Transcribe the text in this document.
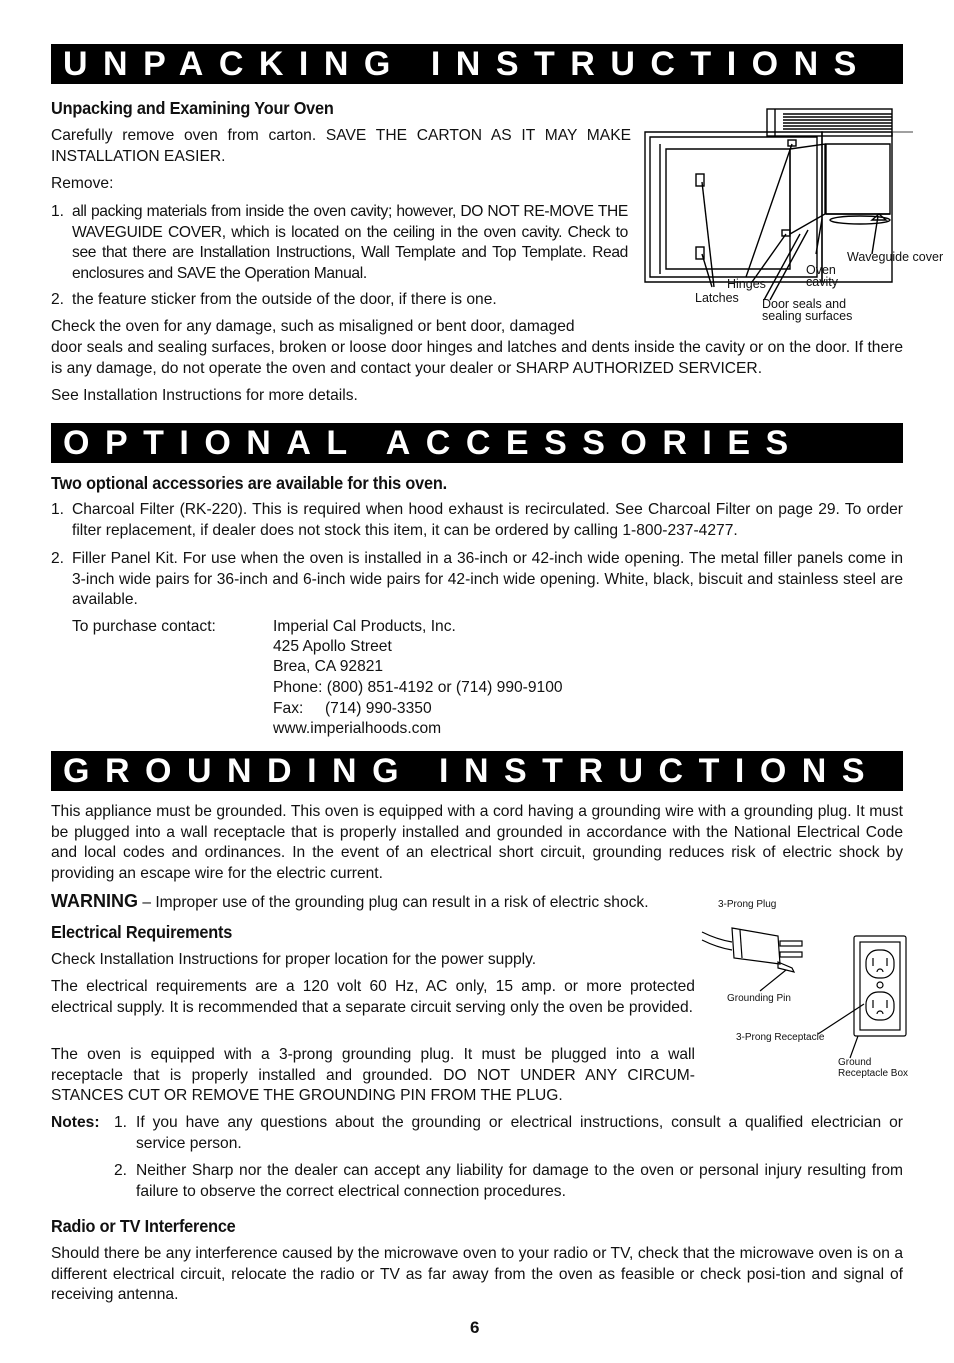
UNPACKING INSTRUCTIONS
Unpacking and Examining Your Oven
Carefully remove oven from carton. SAVE THE CARTON AS IT MAY MAKE INSTALLATION EASIER.
Remove:
1. all packing materials from inside the oven cavity; however, DO NOT RE-MOVE THE WAVEGUIDE COVER, which is located on the ceiling in the oven cavity. Check to see that there are Installation Instructions, Wall Template and Top Template. Read enclosures and SAVE the Operation Manual.
2. the feature sticker from the outside of the door, if there is one.
Check the oven for any damage, such as misaligned or bent door, damaged
door seals and sealing surfaces, broken or loose door hinges and latches and dents inside the cavity or on the door. If there is any damage, do not operate the oven and contact your dealer or SHARP AUTHORIZED SERVICER.
See Installation Instructions for more details.
Waveguide cover
Oven cavity
Hinges
Latches Door seals and sealing surfaces
OPTIONAL ACCESSORIES
Two optional accessories are available for this oven.
1. Charcoal Filter (RK-220). This is required when hood exhaust is recirculated. See Charcoal Filter on page 29. To order filter replacement, if dealer does not stock this item, it can be ordered by calling 1-800-237-4277.
2. Filler Panel Kit. For use when the oven is installed in a 36-inch or 42-inch wide opening. The metal filler panels come in 3-inch wide pairs for 36-inch and 6-inch wide pairs for 42-inch wide opening. White, black, biscuit and stainless steel are available.
To purchase contact:	Imperial Cal Products, Inc.
425 Apollo Street
Brea, CA 92821
Phone: (800) 851-4192 or (714) 990-9100
Fax:     (714) 990-3350
www.imperialhoods.com
GROUNDING INSTRUCTIONS
This appliance must be grounded. This oven is equipped with a cord having a grounding wire with a grounding plug. It must be plugged into a wall receptacle that is properly installed and grounded in accordance with the National Electrical Code and local codes and ordinances. In the event of an electrical short circuit, grounding reduces risk of electric shock by providing an escape wire for the electric current.
WARNING – Improper use of the grounding plug can result in a risk of electric shock.
Electrical Requirements
Check Installation Instructions for proper location for the power supply.
The electrical requirements are a 120 volt 60 Hz, AC only, 15 amp. or more protected electrical supply. It is recommended that a separate circuit serving only the oven be provided.
The oven is equipped with a 3-prong grounding plug. It must be plugged into a wall receptacle that is properly installed and grounded. DO NOT UNDER ANY CIRCUM-STANCES CUT OR REMOVE THE GROUNDING PIN FROM THE PLUG.
3-Prong Plug
Grounding Pin
3-Prong Receptacle
Ground Receptacle Box
Notes: 1. If you have any questions about the grounding or electrical instructions, consult a qualified electrician or service person.
2. Neither Sharp nor the dealer can accept any liability for damage to the oven or personal injury resulting from failure to observe the correct electrical connection procedures.
Radio or TV Interference
Should there be any interference caused by the microwave oven to your radio or TV, check that the microwave oven is on a different electrical circuit, relocate the radio or TV as far away from the oven as feasible or check posi-tion and signal of receiving antenna.
6
